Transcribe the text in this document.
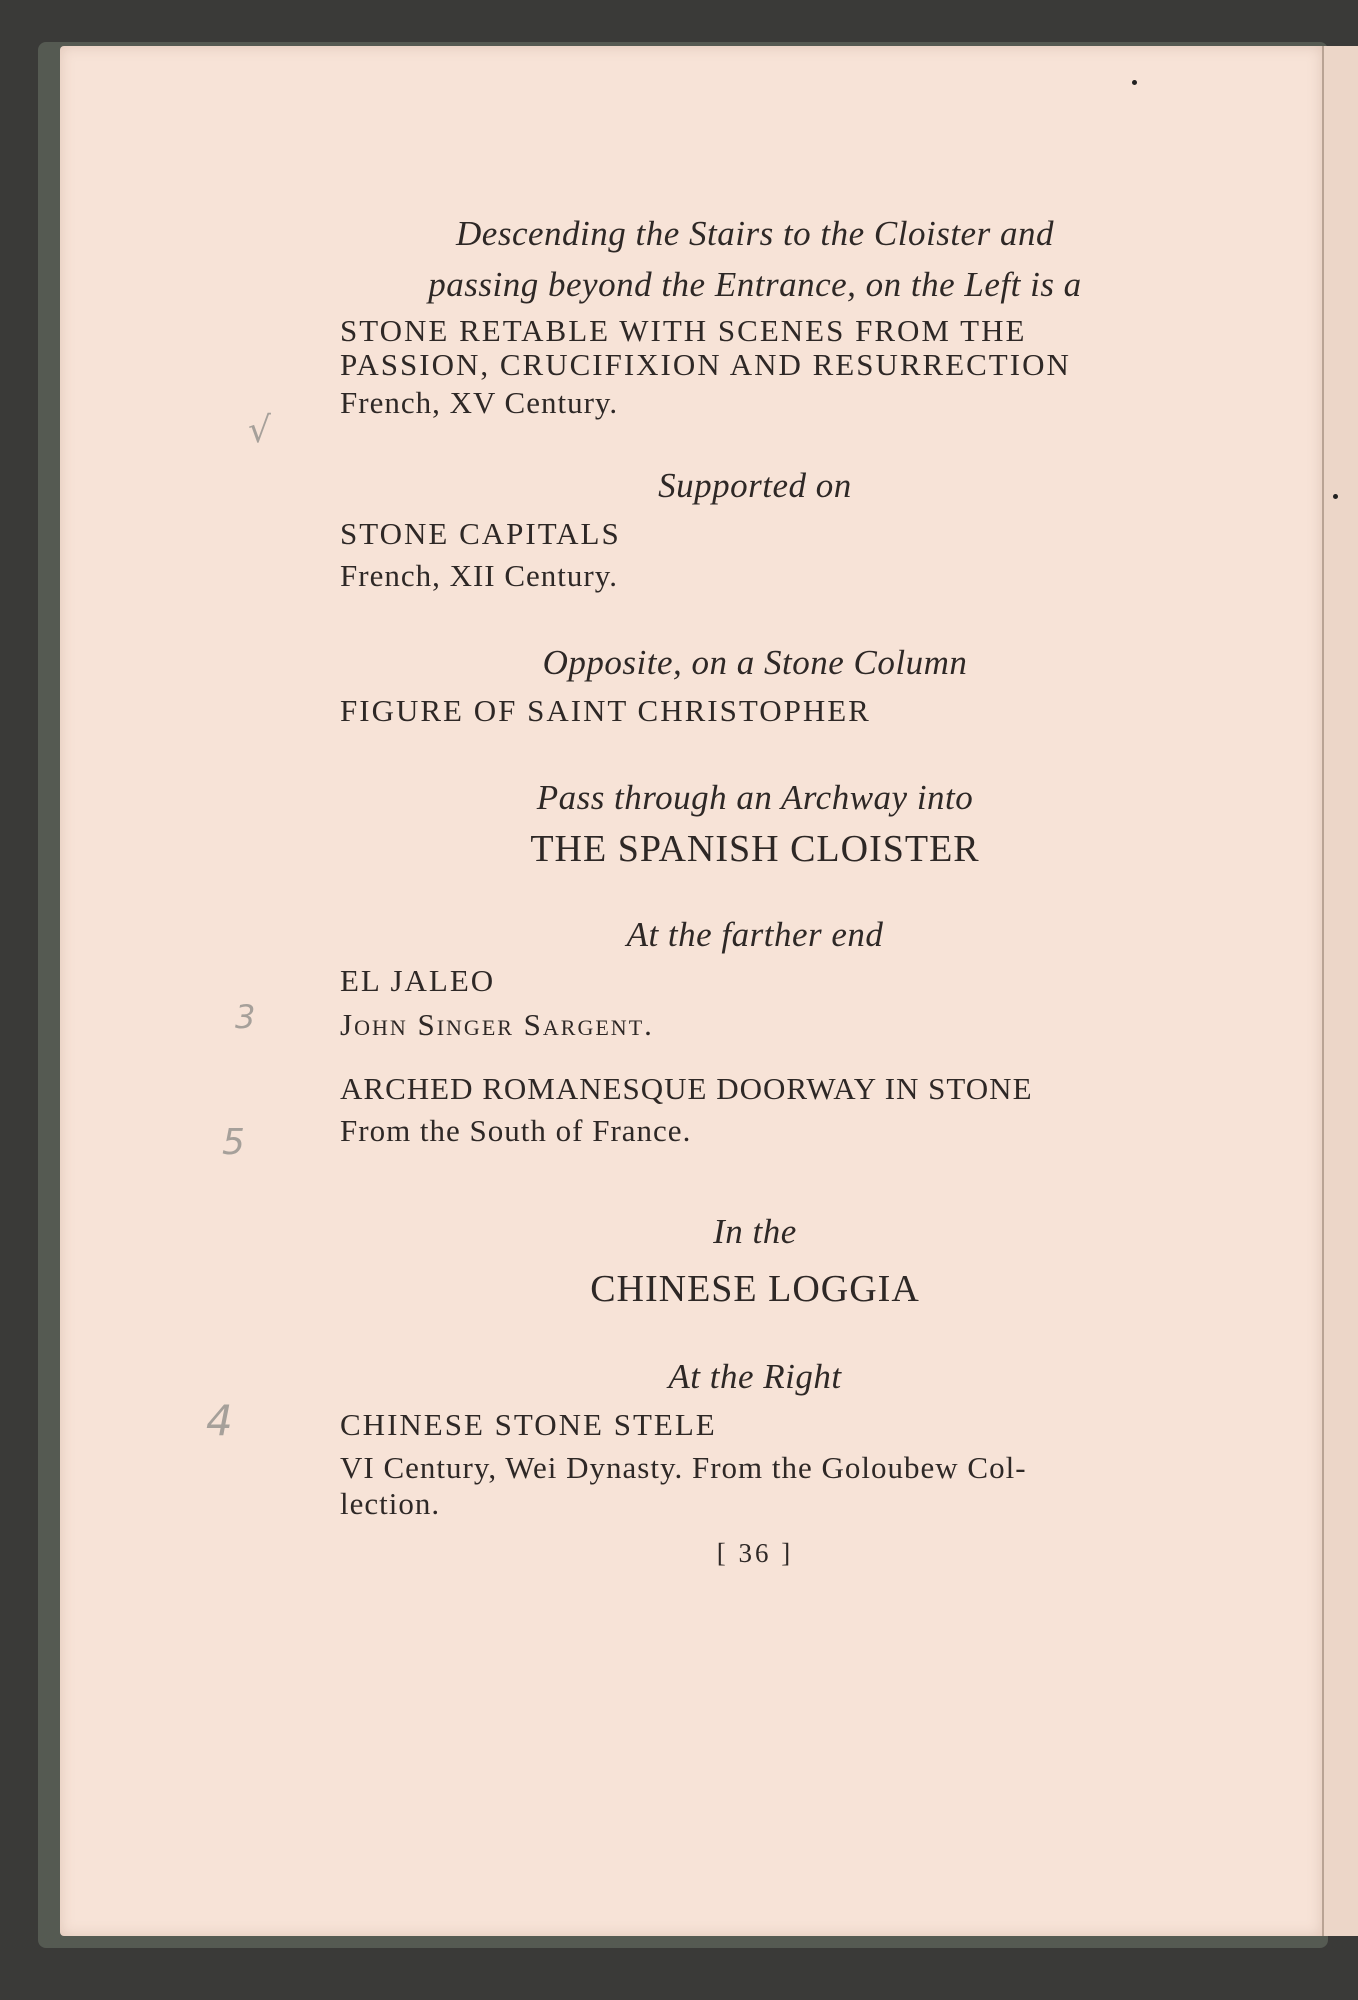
√
3
5
4
Descending the Stairs to the Cloister and
passing beyond the Entrance, on the Left is a
STONE RETABLE WITH SCENES FROM THE
PASSION, CRUCIFIXION AND RESURRECTION
French, XV Century.
Supported on
STONE CAPITALS
French, XII Century.
Opposite, on a Stone Column
FIGURE OF SAINT CHRISTOPHER
Pass through an Archway into
THE SPANISH CLOISTER
At the farther end
EL JALEO
John Singer Sargent.
ARCHED ROMANESQUE DOORWAY IN STONE
From the South of France.
In the
CHINESE LOGGIA
At the Right
CHINESE STONE STELE
VI Century, Wei Dynasty. From the Goloubew Col-
lection.
[ 36 ]
